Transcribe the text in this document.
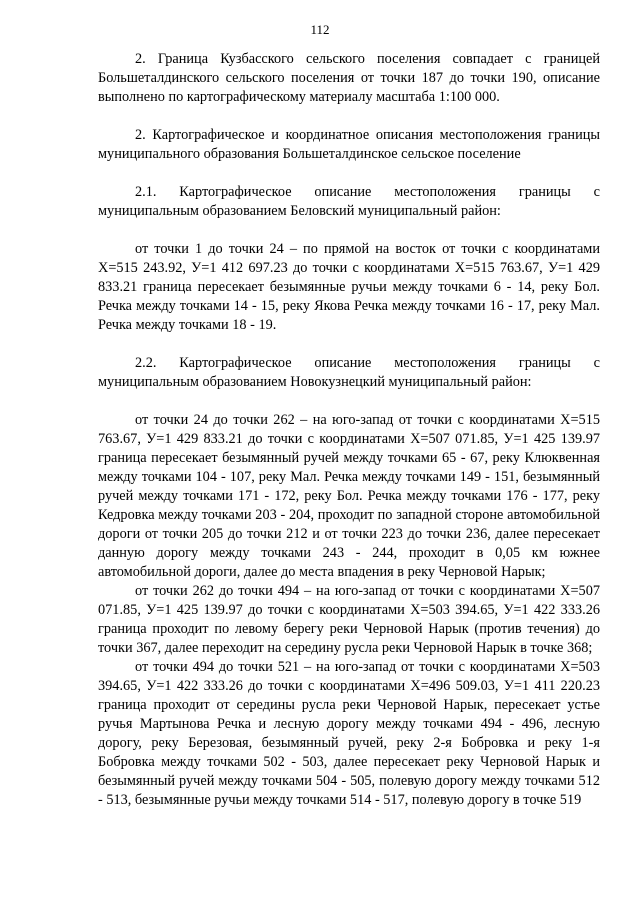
112

2. Граница Кузбасского сельского поселения совпадает с границей Большеталдинского сельского поселения от точки 187 до точки 190, описание выполнено по картографическому материалу масштаба 1:100 000.

2. Картографическое и координатное описания местоположения границы муниципального образования Большеталдинское сельское поселение

2.1. Картографическое описание местоположения границы с муниципальным образованием Беловский муниципальный район:

от точки 1 до точки 24 – по прямой на восток от точки с координатами Х=515 243.92, У=1 412 697.23 до точки с координатами Х=515 763.67, У=1 429 833.21 граница пересекает безымянные ручьи между точками 6 - 14, реку Бол. Речка между точками 14 - 15, реку Якова Речка между точками 16 - 17, реку Мал. Речка между точками 18 - 19.

2.2. Картографическое описание местоположения границы с муниципальным образованием Новокузнецкий муниципальный район:

от точки 24 до точки 262 – на юго-запад от точки с координатами Х=515 763.67, У=1 429 833.21 до точки с координатами Х=507 071.85, У=1 425 139.97 граница пересекает безымянный ручей между точками 65 - 67, реку Клюквенная между точками 104 - 107, реку Мал. Речка между точками 149 - 151, безымянный ручей между точками 171 - 172, реку Бол. Речка между точками 176 - 177, реку Кедровка между точками 203 - 204, проходит по западной стороне автомобильной дороги от точки 205 до точки 212 и от точки 223 до точки 236, далее пересекает данную дорогу между точками 243 - 244, проходит в 0,05 км южнее автомобильной дороги, далее до места впадения в реку Черновой Нарык;

от точки 262 до точки 494 – на юго-запад от точки с координатами Х=507 071.85, У=1 425 139.97 до точки с координатами Х=503 394.65, У=1 422 333.26 граница проходит по левому берегу реки Черновой Нарык (против течения) до точки 367, далее переходит на середину русла реки Черновой Нарык в точке 368;

от точки 494 до точки 521 – на юго-запад от точки с координатами Х=503 394.65, У=1 422 333.26 до точки с координатами Х=496 509.03, У=1 411 220.23 граница проходит от середины русла реки Черновой Нарык, пересекает устье ручья Мартынова Речка и лесную дорогу между точками 494 - 496, лесную дорогу, реку Березовая, безымянный ручей, реку 2-я Бобровка и реку 1-я Бобровка между точками 502 - 503, далее пересекает реку Черновой Нарык и безымянный ручей между точками 504 - 505, полевую дорогу между точками 512 - 513, безымянные ручьи между точками 514 - 517, полевую дорогу в точке 519
